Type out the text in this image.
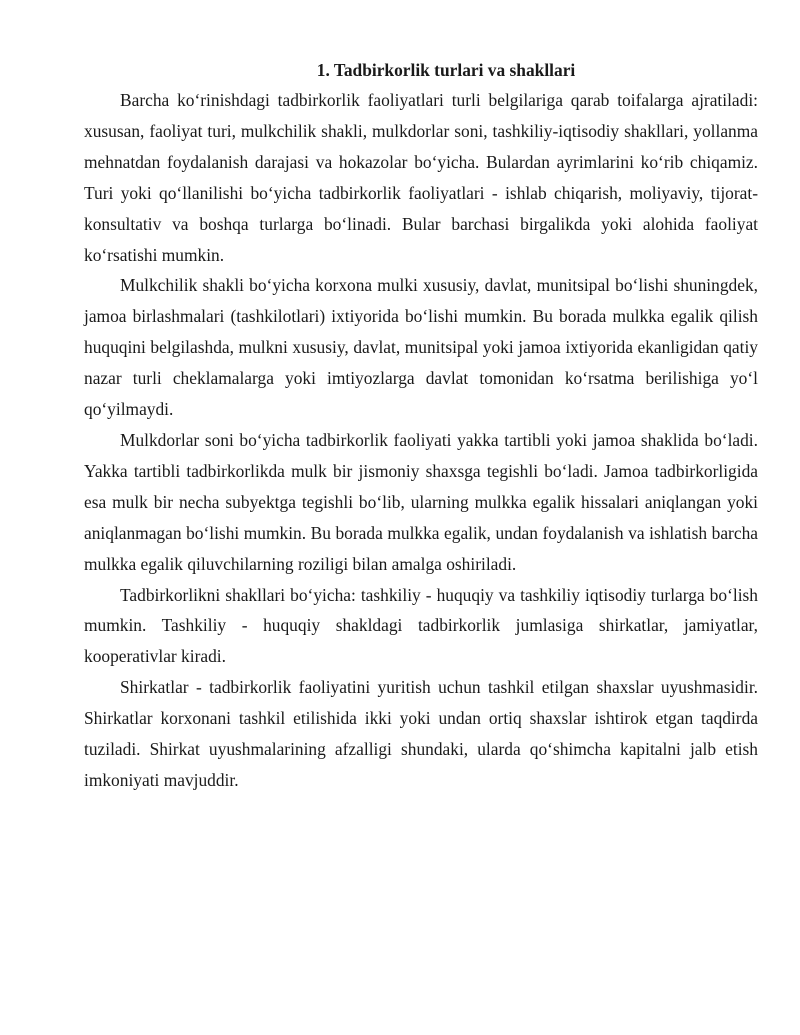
1. Tadbirkorlik turlari va shakllari

Barcha koʻrinishdagi tadbirkorlik faoliyatlari turli belgilariga qarab toifalarga ajratiladi: xususan, faoliyat turi, mulkchilik shakli, mulkdorlar soni, tashkiliy-iqtisodiy shakllari, yollanma mehnatdan foydalanish darajasi va hokazolar boʻyicha. Bulardan ayrimlarini koʻrib chiqamiz. Turi yoki qoʻllanilishi boʻyicha tadbirkorlik faoliyatlari - ishlab chiqarish, moliyaviy, tijorat-konsultativ va boshqa turlarga boʻlinadi. Bular barchasi birgalikda yoki alohida faoliyat koʻrsatishi mumkin.

Mulkchilik shakli boʻyicha korxona mulki xususiy, davlat, munitsipal boʻlishi shuningdek, jamoa birlashmalari (tashkilotlari) ixtiyorida boʻlishi mumkin. Bu borada mulkka egalik qilish huquqini belgilashda, mulkni xususiy, davlat, munitsipal yoki jamoa ixtiyorida ekanligidan qatiy nazar turli cheklamalarga yoki imtiyozlarga davlat tomonidan koʻrsatma berilishiga yoʻl qoʻyilmaydi.

Mulkdorlar soni boʻyicha tadbirkorlik faoliyati yakka tartibli yoki jamoa shaklida boʻladi. Yakka tartibli tadbirkorlikda mulk bir jismoniy shaxsga tegishli boʻladi. Jamoa tadbirkorligida esa mulk bir necha subyektga tegishli boʻlib, ularning mulkka egalik hissalari aniqlangan yoki aniqlanmagan boʻlishi mumkin. Bu borada mulkka egalik, undan foydalanish va ishlatish barcha mulkka egalik qiluvchilarning roziligi bilan amalga oshiriladi.

Tadbirkorlikni shakllari boʻyicha: tashkiliy - huquqiy va tashkiliy iqtisodiy turlarga boʻlish mumkin. Tashkiliy - huquqiy shakldagi tadbirkorlik jumlasiga shirkatlar, jamiyatlar, kooperativlar kiradi.

Shirkatlar - tadbirkorlik faoliyatini yuritish uchun tashkil etilgan shaxslar uyushmasidir. Shirkatlar korxonani tashkil etilishida ikki yoki undan ortiq shaxslar ishtirok etgan taqdirda tuziladi. Shirkat uyushmalarining afzalligi shundaki, ularda qoʻshimcha kapitalni jalb etish imkoniyati mavjuddir.
